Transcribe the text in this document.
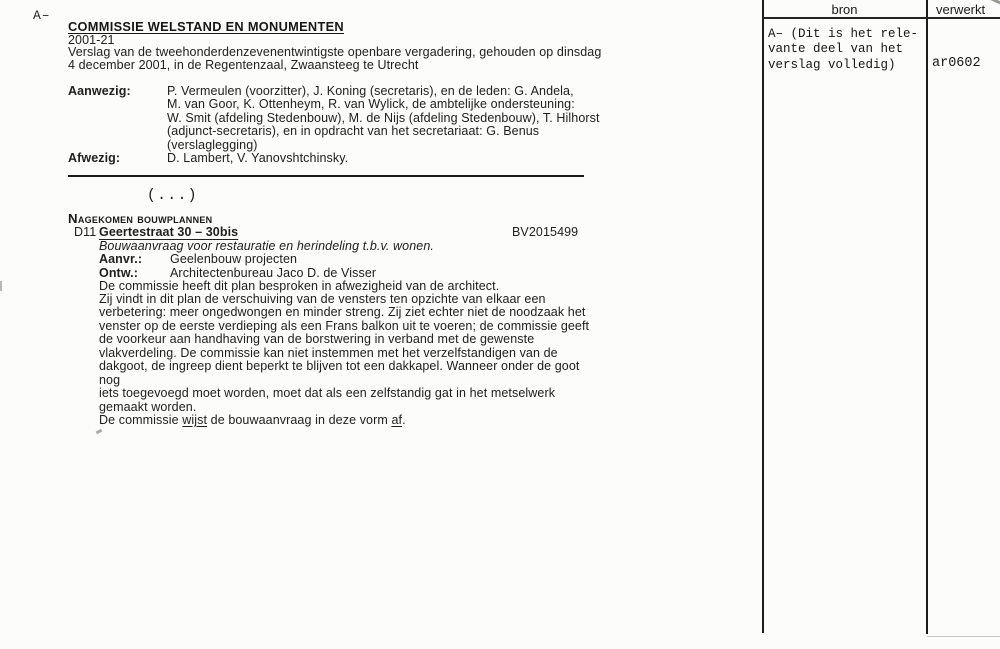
A–
COMMISSIE WELSTAND EN MONUMENTEN
2001-21
Verslag van de tweehonderdenzevenentwintigste openbare vergadering, gehouden op dinsdag
4 december 2001, in de Regentenzaal, Zwaansteeg te Utrecht
Aanwezig:	P. Vermeulen (voorzitter), J. Koning (secretaris), en de leden: G. Andela,
M. van Goor, K. Ottenheym, R. van Wylick, de ambtelijke ondersteuning:
W. Smit (afdeling Stedenbouw), M. de Nijs (afdeling Stedenbouw), T. Hilhorst
(adjunct-secretaris), en in opdracht van het secretariaat: G. Benus
(verslaglegging)
Afwezig:	D. Lambert, V. Yanovshtchinsky.
(...)
Nagekomen bouwplannen
D11 Geertestraat 30 – 30bis	BV2015499
Bouwaanvraag voor restauratie en herindeling t.b.v. wonen.
Aanvr.: Geelenbouw projecten
Ontw.:	Architectenbureau Jaco D. de Visser
De commissie heeft dit plan besproken in afwezigheid van de architect.
Zij vindt in dit plan de verschuiving van de vensters ten opzichte van elkaar een
verbetering: meer ongedwongen en minder streng. Zij ziet echter niet de noodzaak het
venster op de eerste verdieping als een Frans balkon uit te voeren; de commissie geeft
de voorkeur aan handhaving van de borstwering in verband met de gewenste
vlakverdeling. De commissie kan niet instemmen met het verzelfstandigen van de
dakgoot, de ingreep dient beperkt te blijven tot een dakkapel. Wanneer onder de goot nog
iets toegevoegd moet worden, moet dat als een zelfstandig gat in het metselwerk
gemaakt worden.
De commissie wijst de bouwaanvraag in deze vorm af.
bron	verwerkt
A– (Dit is het rele-
vante deel van het
verslag volledig)	ar0602
